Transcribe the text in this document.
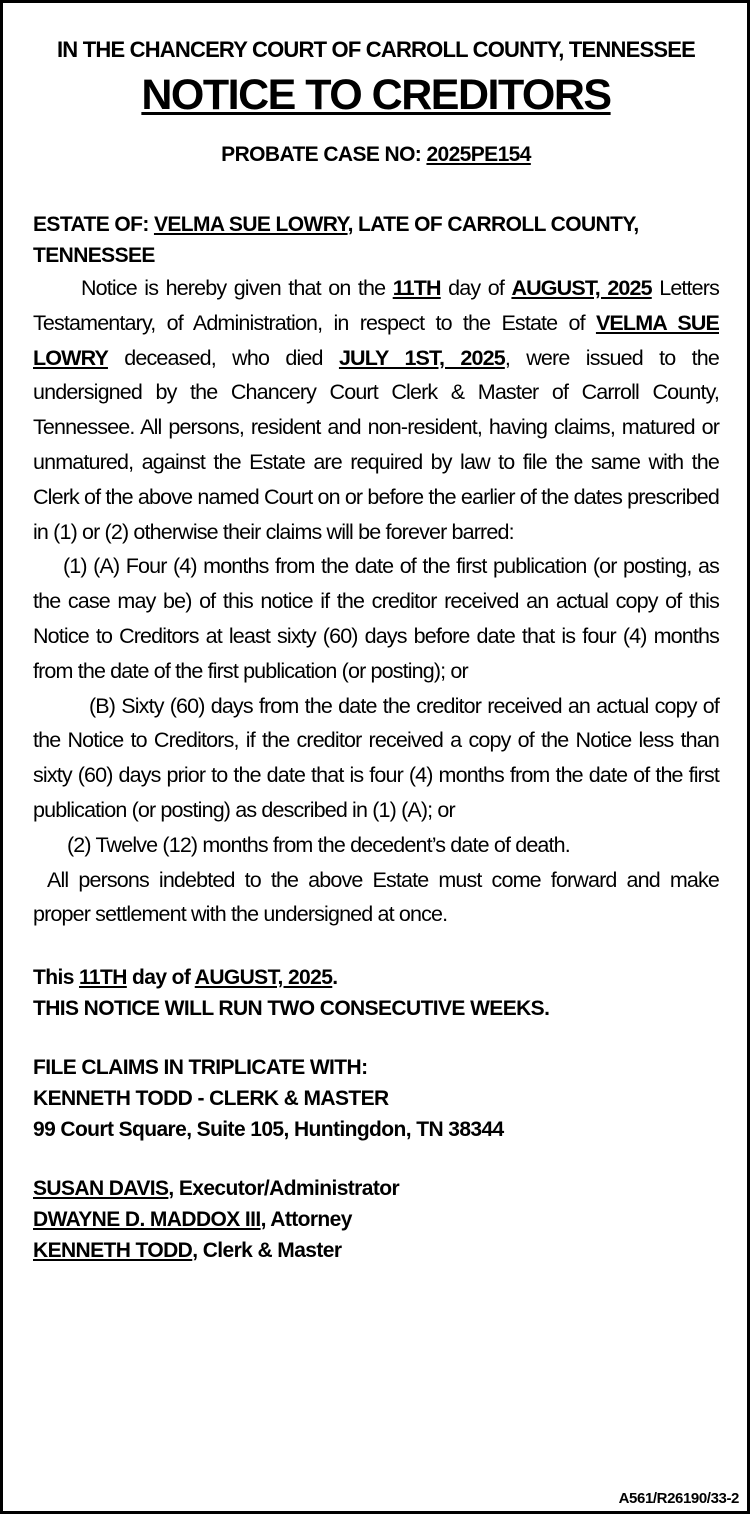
IN THE CHANCERY COURT OF CARROLL COUNTY, TENNESSEE
NOTICE TO CREDITORS
PROBATE CASE NO: 2025PE154

ESTATE OF: VELMA SUE LOWRY, LATE OF CARROLL COUNTY, TENNESSEE

Notice is hereby given that on the 11TH day of AUGUST, 2025 Letters Testamentary, of Administration, in respect to the Estate of VELMA SUE LOWRY deceased, who died JULY 1ST, 2025, were issued to the undersigned by the Chancery Court Clerk & Master of Carroll County, Tennessee. All persons, resident and non-resident, having claims, matured or unmatured, against the Estate are required by law to file the same with the Clerk of the above named Court on or before the earlier of the dates prescribed in (1) or (2) otherwise their claims will be forever barred:

(1) (A) Four (4) months from the date of the first publication (or posting, as the case may be) of this notice if the creditor received an actual copy of this Notice to Creditors at least sixty (60) days before date that is four (4) months from the date of the first publication (or posting); or

(B) Sixty (60) days from the date the creditor received an actual copy of the Notice to Creditors, if the creditor received a copy of the Notice less than sixty (60) days prior to the date that is four (4) months from the date of the first publication (or posting) as described in (1) (A); or

(2) Twelve (12) months from the decedent’s date of death.

All persons indebted to the above Estate must come forward and make proper settlement with the undersigned at once.

This 11TH day of AUGUST, 2025.

THIS NOTICE WILL RUN TWO CONSECUTIVE WEEKS.

FILE CLAIMS IN TRIPLICATE WITH:

KENNETH TODD - CLERK & MASTER

99 Court Square, Suite 105, Huntingdon, TN 38344

SUSAN DAVIS, Executor/Administrator

DWAYNE D. MADDOX III, Attorney

KENNETH TODD, Clerk & Master

A561/R26190/33-2
